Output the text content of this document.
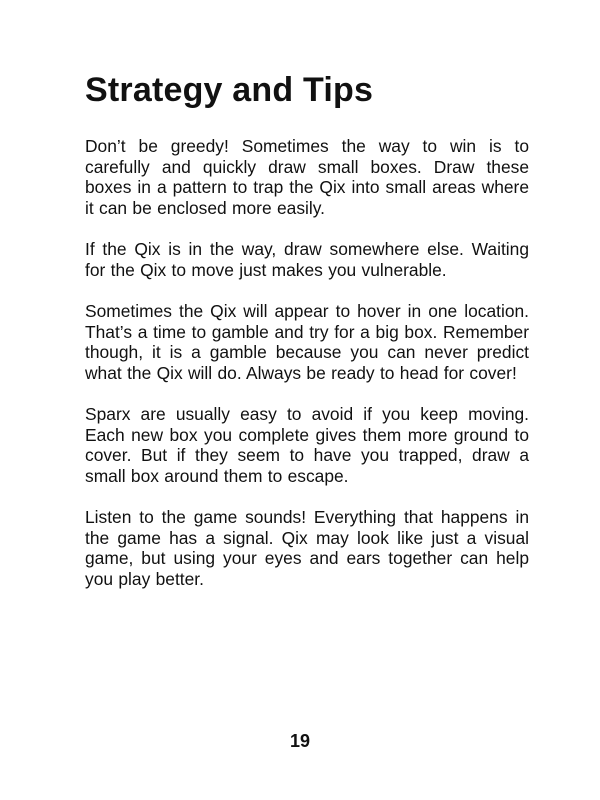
Strategy and Tips

Don’t be greedy! Sometimes the way to win is to carefully and quickly draw small boxes. Draw these boxes in a pattern to trap the Qix into small areas where it can be enclosed more easily.

If the Qix is in the way, draw somewhere else. Waiting for the Qix to move just makes you vulnerable.

Sometimes the Qix will appear to hover in one location. That’s a time to gamble and try for a big box. Remember though, it is a gamble because you can never predict what the Qix will do. Always be ready to head for cover!

Sparx are usually easy to avoid if you keep moving. Each new box you complete gives them more ground to cover. But if they seem to have you trapped, draw a small box around them to escape.

Listen to the game sounds! Everything that happens in the game has a signal. Qix may look like just a visual game, but using your eyes and ears together can help you play better.

19
